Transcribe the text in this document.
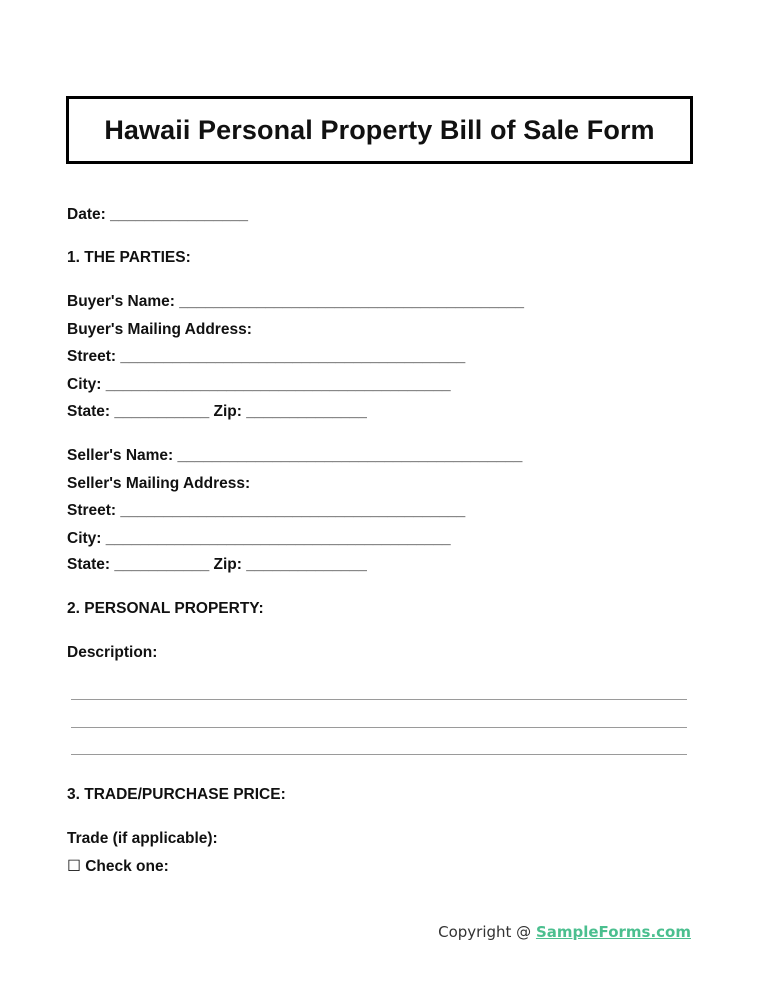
Hawaii Personal Property Bill of Sale Form
Date: ________________
1. THE PARTIES:
Buyer's Name: ________________________________________
Buyer's Mailing Address:
Street: ________________________________________
City: ________________________________________
State: ___________ Zip: ______________
Seller's Name: ________________________________________
Seller's Mailing Address:
Street: ________________________________________
City: ________________________________________
State: ___________ Zip: ______________
2. PERSONAL PROPERTY:
Description:
3. TRADE/PURCHASE PRICE:
Trade (if applicable):
☐ Check one:
Copyright @ SampleForms.com
